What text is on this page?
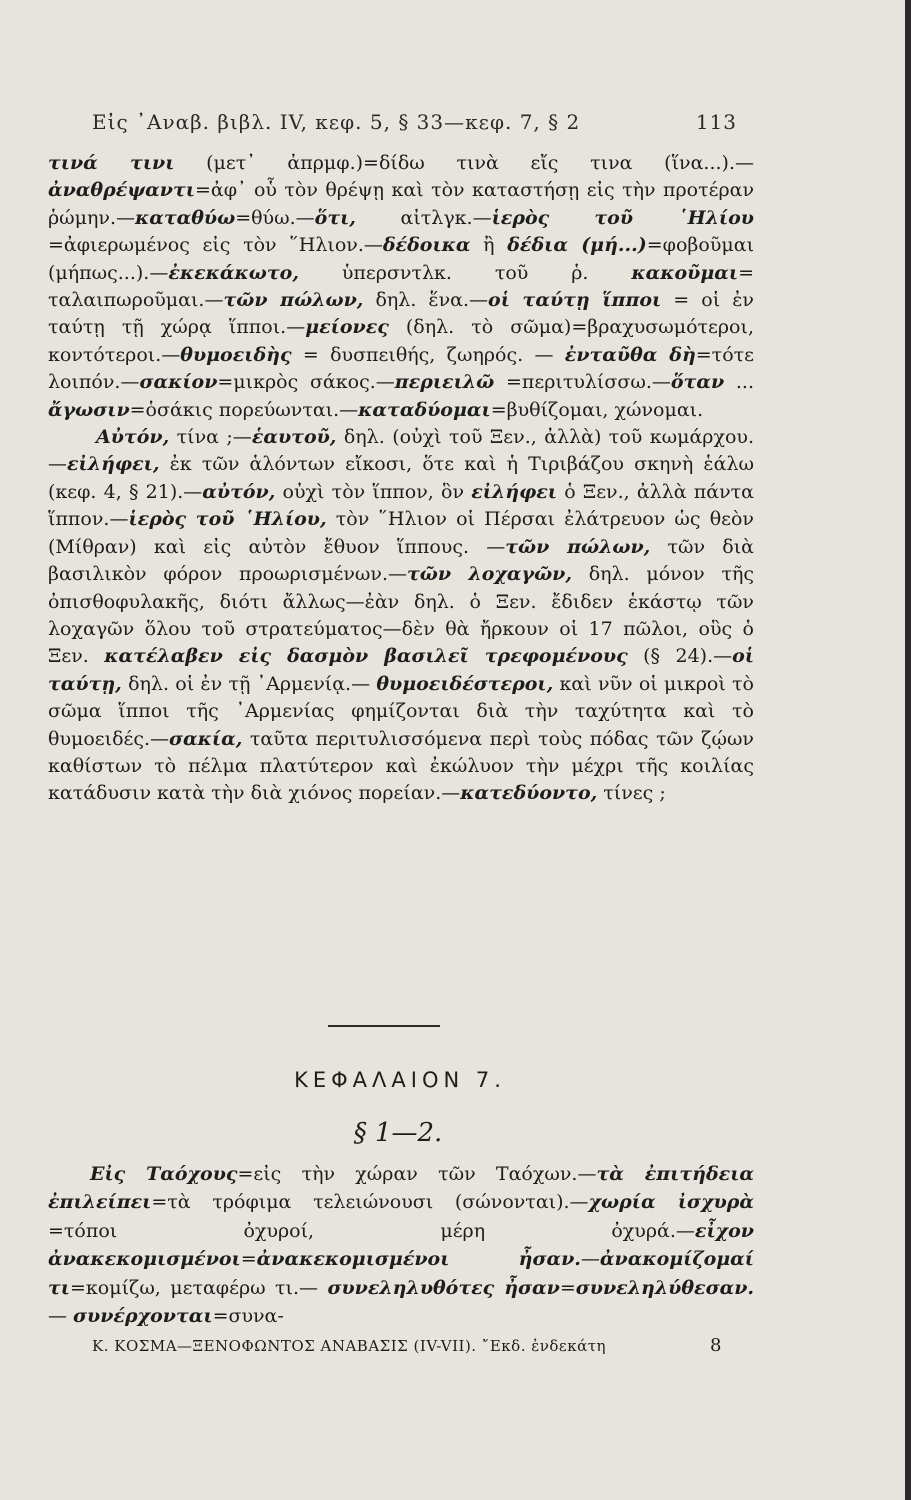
Εἰς ᾿Αναβ. βιβλ. IV, κεφ. 5, § 33—κεφ. 7, § 2	113

τινά τινι (μετ᾿ ἀπρμφ.)=δίδω τινὰ εἴς τινα (ἵνα...).—ἀναθρέψαντι=ἀφ᾿ οὗ τὸν θρέψῃ καὶ τὸν καταστήσῃ εἰς τὴν προτέραν ῥώμην.—καταθύω=θύω.—ὅτι, αἰτλγκ.—ἱερὸς τοῦ ῾Ηλίου =ἀφιερωμένος εἰς τὸν ῞Ηλιον.—δέδοικα ἢ δέδια (μή...)=φοβοῦμαι (μήπως...).—ἐκεκάκωτο, ὑπερσντλκ. τοῦ ῥ. κακοῦμαι= ταλαιπωροῦμαι.—τῶν πώλων, δηλ. ἕνα.—οἱ ταύτῃ ἵπποι = οἱ ἐν ταύτῃ τῇ χώρᾳ ἵπποι.—μείονες (δηλ. τὸ σῶμα)=βραχυσωμότεροι, κοντότεροι.—θυμοειδὴς = δυσπειθής, ζωηρός. — ἐνταῦθα δὴ=τότε λοιπόν.—σακίον=μικρὸς σάκος.—περιειλῶ =περιτυλίσσω.—ὅταν ... ἄγωσιν=ὁσάκις πορεύωνται.—καταδύομαι=βυθίζομαι, χώνομαι.

Αὐτόν, τίνα ;—ἑαυτοῦ, δηλ. (οὐχὶ τοῦ Ξεν., ἀλλὰ) τοῦ κωμάρχου.—εἰλήφει, ἐκ τῶν ἁλόντων εἴκοσι, ὅτε καὶ ἡ Τιριβάζου σκηνὴ ἑάλω (κεφ. 4, § 21).—αὐτόν, οὐχὶ τὸν ἵππον, ὃν εἰλήφει ὁ Ξεν., ἀλλὰ πάντα ἵππον.—ἱερὸς τοῦ ῾Ηλίου, τὸν ῞Ηλιον οἱ Πέρσαι ἐλάτρευον ὡς θεὸν (Μίθραν) καὶ εἰς αὐτὸν ἔθυον ἵππους. —τῶν πώλων, τῶν διὰ βασιλικὸν φόρον προωρισμένων.—τῶν λοχαγῶν, δηλ. μόνον τῆς ὀπισθοφυλακῆς, διότι ἄλλως—ἐὰν δηλ. ὁ Ξεν. ἔδιδεν ἑκάστῳ τῶν λοχαγῶν ὅλου τοῦ στρατεύματος—δὲν θὰ ἤρκουν οἱ 17 πῶλοι, οὓς ὁ Ξεν. κατέλαβεν εἰς δασμὸν βασιλεῖ τρεφομένους (§ 24).—οἱ ταύτῃ, δηλ. οἱ ἐν τῇ ᾿Αρμενίᾳ.— θυμοειδέστεροι, καὶ νῦν οἱ μικροὶ τὸ σῶμα ἵπποι τῆς ᾿Αρμενίας φημίζονται διὰ τὴν ταχύτητα καὶ τὸ θυμοειδές.—σακία, ταῦτα περιτυλισσόμενα περὶ τοὺς πόδας τῶν ζῴων καθίστων τὸ πέλμα πλατύτερον καὶ ἐκώλυον τὴν μέχρι τῆς κοιλίας κατάδυσιν κατὰ τὴν διὰ χιόνος πορείαν.—κατεδύοντο, τίνες ;

ΚΕΦΑΛΑΙΟΝ 7.
§ 1—2.
Εἰς Ταόχους=εἰς τὴν χώραν τῶν Ταόχων.—τὰ ἐπιτήδεια ἐπιλείπει=τὰ τρόφιμα τελειώνουσι (σώνονται).—χωρία ἰσχυρὰ =τόποι ὀχυροί, μέρη ὀχυρά.—εἶχον ἀνακεκομισμένοι=ἀνακεκομισμένοι ἦσαν.—ἀνακομίζομαί τι=κομίζω, μεταφέρω τι.— συνεληλυθότες ἦσαν=συνεληλύθεσαν. — συνέρχονται=συνα-
Κ. ΚΟΣΜΑ—ΞΕΝΟΦΩΝΤΟΣ ΑΝΑΒΑΣΙΣ (IV-VII). ῎Εκδ. ἑνδεκάτη	8
